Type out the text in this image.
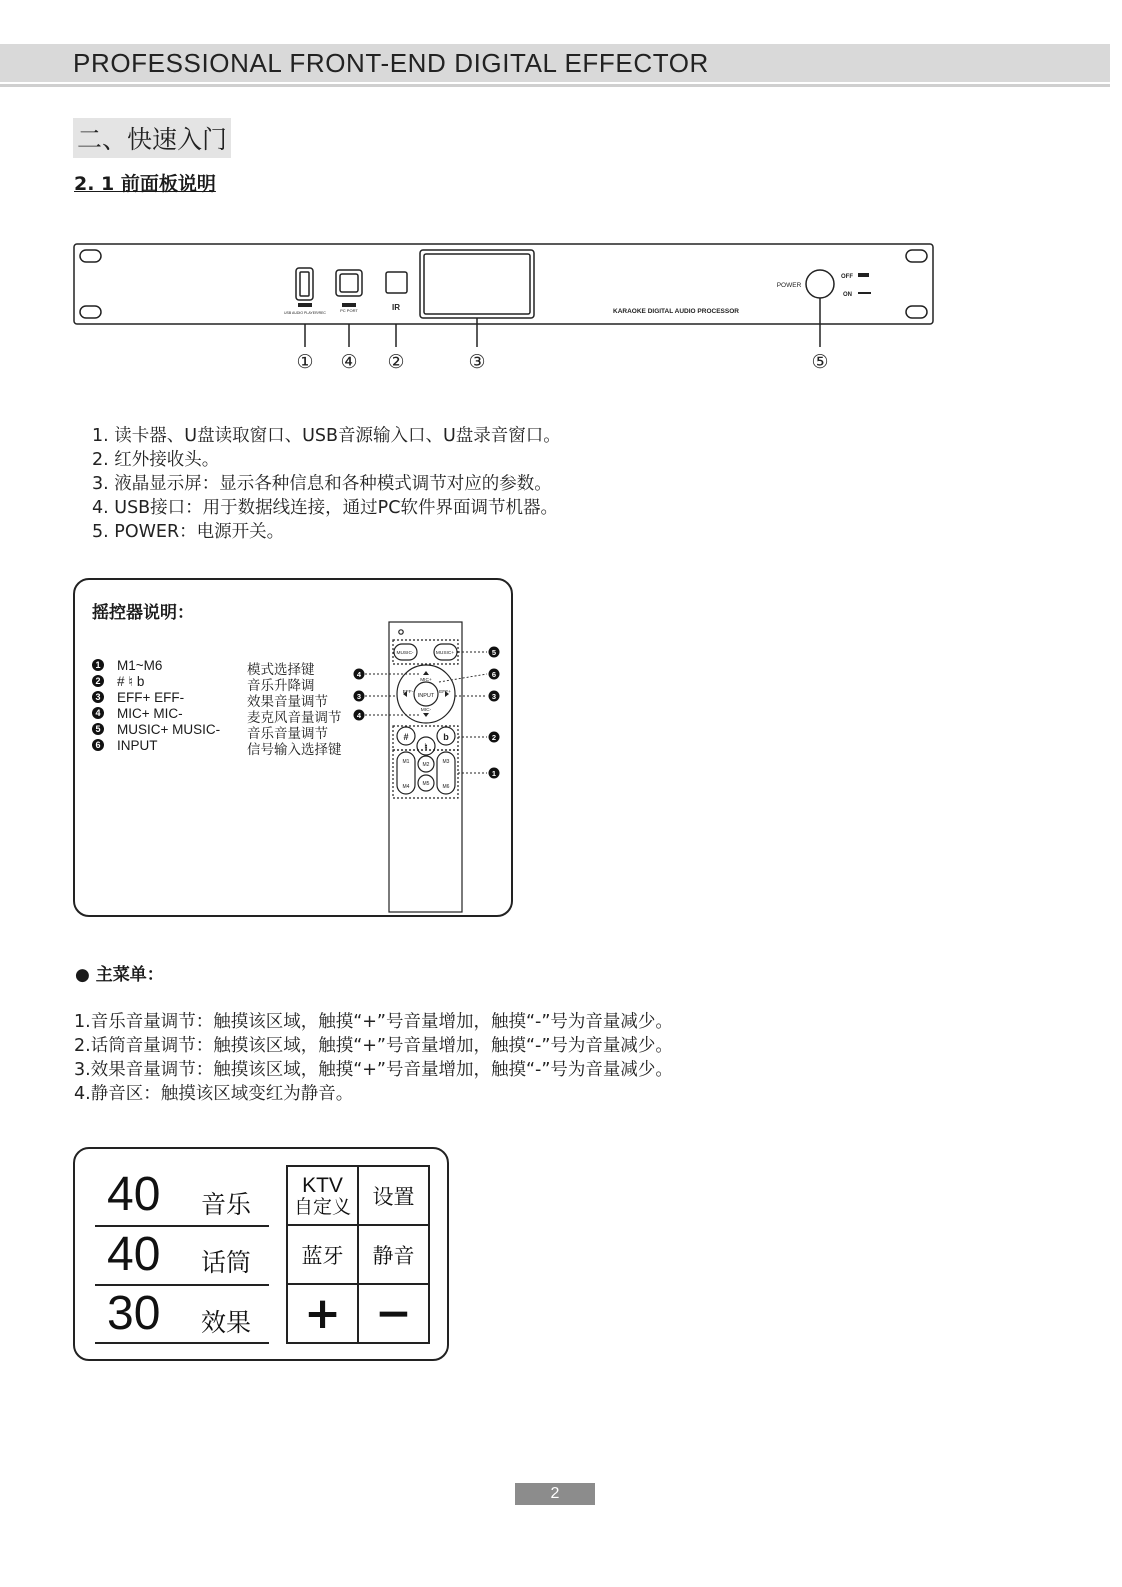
PROFESSIONAL FRONT-END DIGITAL EFFECTOR
二、快速入门
2. 1 前面板说明
USB AUDIO PLAYER/REC	PC PORT	IR	KARAOKE DIGITAL AUDIO PROCESSOR
POWER
OFF
ON
① ④ ②	③	⑤
1. 读卡器、U盘读取窗口、USB音源输入口、U盘录音窗口。
2. 红外接收头。
3. 液晶显示屏：显示各种信息和各种模式调节对应的参数。
4. USB接口：用于数据线连接，通过PC软件界面调节机器。
5. POWER：电源开关。
摇控器说明：
1 M1~M6	模式选择键
2 # ♮ b	音乐升降调
3 EFF+ EFF-	效果音量调节
4 MIC+ MIC-	麦克风音量调节
5 MUSIC+ MUSIC- 音乐音量调节
6 INPUT	信号输入选择键
MUSIC-	MUSIC+
MIC+
MIC-
EFF-	EFF+
INPUT
#
♮
b
M1	M2	M3
M4	M5	M6
5
6
3
2
1
4
3
4
● 主菜单：
1.音乐音量调节：触摸该区域，触摸“+”号音量增加，触摸“-”号为音量减少。
2.话筒音量调节：触摸该区域，触摸“+”号音量增加，触摸“-”号为音量减少。
3.效果音量调节：触摸该区域，触摸“+”号音量增加，触摸“-”号为音量减少。
4.静音区：触摸该区域变红为静音。
40 音乐
40 话筒
30 效果
KTV
自定义	设置
蓝牙	静音
+ −
2
